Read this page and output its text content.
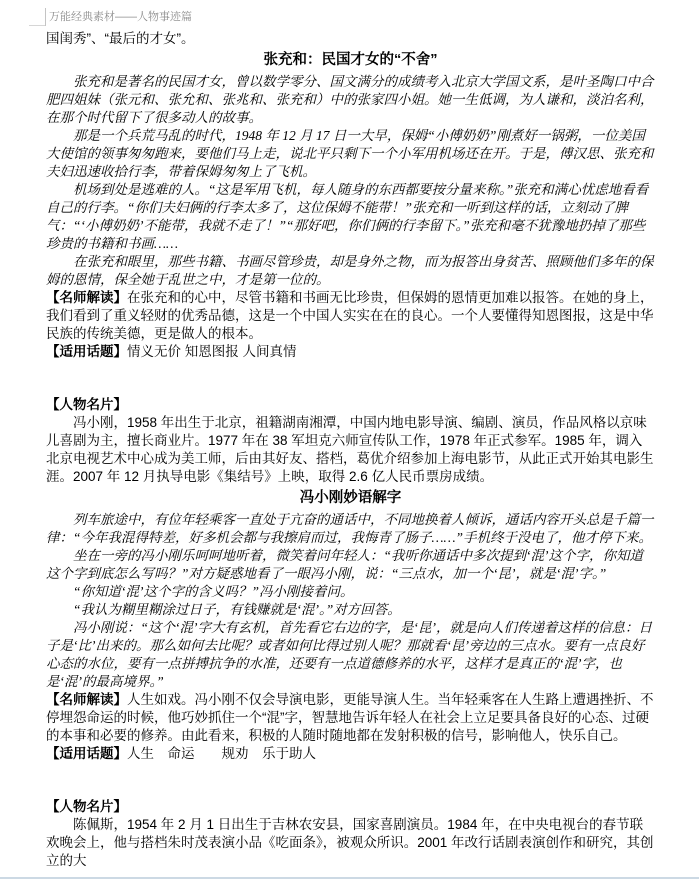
万能经典素材——人物事迹篇

国闺秀”、“最后的才女”。

张充和：民国才女的“不舍”

张充和是著名的民国才女，曾以数学零分、国文满分的成绩考入北京大学国文系，是叶圣陶口中合肥四姐妹（张元和、张允和、张兆和、张充和）中的张家四小姐。她一生低调，为人谦和，淡泊名利，在那个时代留下了很多动人的故事。

那是一个兵荒马乱的时代，1948 年 12 月 17 日一大早，保姆“小傅奶奶”刚煮好一锅粥，一位美国大使馆的领事匆匆跑来，要他们马上走，说北平只剩下一个小军用机场还在开。于是，傅汉思、张充和夫妇迅速收拾行李，带着保姆匆匆上了飞机。

机场到处是逃难的人。“这是军用飞机，每人随身的东西都要按分量来称。”张充和满心忧虑地看看自己的行李。“你们夫妇俩的行李太多了，这位保姆不能带！”张充和一听到这样的话，立刻动了脾气：“‘小傅奶奶’不能带，我就不走了！”“那好吧，你们俩的行李留下。”张充和毫不犹豫地扔掉了那些珍贵的书籍和书画……

在张充和眼里，那些书籍、书画尽管珍贵，却是身外之物，而为报答出身贫苦、照顾他们多年的保姆的恩情，保全她于乱世之中，才是第一位的。

【名师解读】在张充和的心中，尽管书籍和书画无比珍贵，但保姆的恩情更加难以报答。在她的身上，我们看到了重义轻财的优秀品德，这是一个中国人实实在在的良心。一个人要懂得知恩图报，这是中华民族的传统美德，更是做人的根本。

【适用话题】情义无价 知恩图报 人间真情

【人物名片】

冯小刚，1958 年出生于北京，祖籍湖南湘潭，中国内地电影导演、编剧、演员，作品风格以京味儿喜剧为主，擅长商业片。1977 年在 38 军坦克六师宣传队工作，1978 年正式参军。1985 年，调入北京电视艺术中心成为美工师，后由其好友、搭档，葛优介绍参加上海电影节，从此正式开始其电影生涯。2007 年 12 月执导电影《集结号》上映，取得 2.6 亿人民币票房成绩。

冯小刚妙语解字

列车旅途中，有位年轻乘客一直处于亢奋的通话中，不同地换着人倾诉，通话内容开头总是千篇一律：“今年我混得特差，好多机会都与我擦肩而过，我悔青了肠子……”手机终于没电了，他才停下来。

坐在一旁的冯小刚乐呵呵地听着，微笑着问年轻人：“我听你通话中多次提到‘混’这个字，你知道这个字到底怎么写吗？”对方疑惑地看了一眼冯小刚，说：“三点水，加一个‘昆’，就是‘混’字。”

“你知道‘混’这个字的含义吗？”冯小刚接着问。

“我认为糊里糊涂过日子，有钱赚就是‘混’。”对方回答。

冯小刚说：“这个‘混’字大有玄机，首先看它右边的字，是‘昆’，就是向人们传递着这样的信息：日子是‘比’出来的。那么如何去比呢？或者如何比得过别人呢？那就看‘昆’旁边的三点水。要有一点良好心态的水位，要有一点拼搏抗争的水准，还要有一点道德修养的水平，这样才是真正的‘混’字，也是‘混’的最高境界。”

【名师解读】人生如戏。冯小刚不仅会导演电影，更能导演人生。当年轻乘客在人生路上遭遇挫折、不停埋怨命运的时候，他巧妙抓住一个“混”字，智慧地告诉年轻人在社会上立足要具备良好的心态、过硬的本事和必要的修养。由此看来，积极的人随时随地都在发射积极的信号，影响他人，快乐自己。

【适用话题】人生　命运　　规劝　乐于助人

【人物名片】

陈佩斯，1954 年 2 月 1 日出生于吉林农安县，国家喜剧演员。1984 年，在中央电视台的春节联欢晚会上，他与搭档朱时茂表演小品《吃面条》，被观众所识。2001 年改行话剧表演创作和研究，其创立的大
